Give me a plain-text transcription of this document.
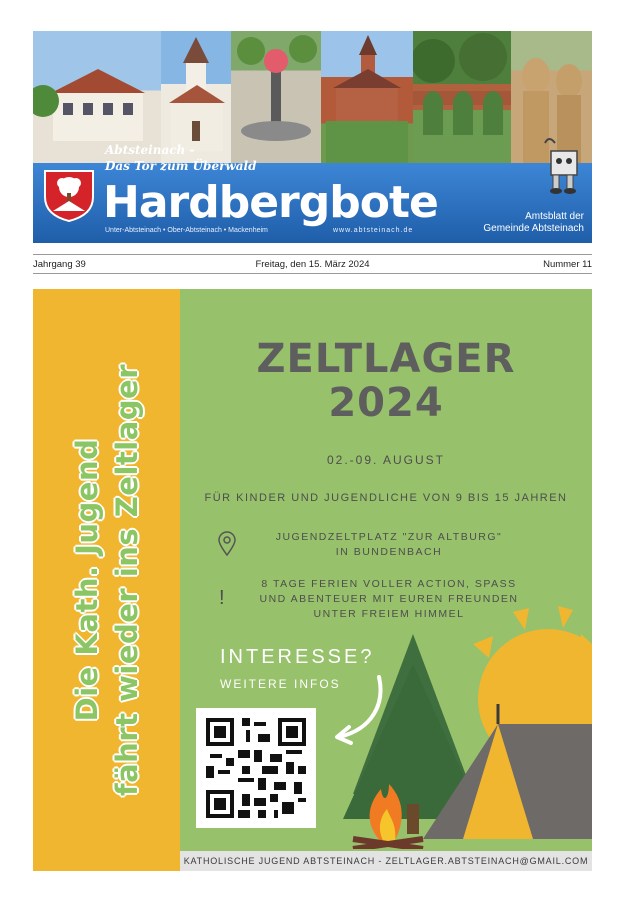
Abtsteinach -
Das Tor zum Überwald
Hardbergbote
Unter-Abtsteinach • Ober-Abtsteinach • Mackenheim	www.abtsteinach.de
Amtsblatt der
Gemeinde Abtsteinach
Jahrgang 39	Freitag, den 15. März 2024	Nummer 11
Die Kath. Jugend fährt wieder ins Zeltlager
ZELTLAGER
2024
02.-09. AUGUST
FÜR KINDER UND JUGENDLICHE VON 9 BIS 15 JAHREN
JUGENDZELTPLATZ "ZUR ALTBURG"
IN BUNDENBACH
!
8 TAGE FERIEN VOLLER ACTION, SPASS
UND ABENTEUER MIT EUREN FREUNDEN
UNTER FREIEM HIMMEL
INTERESSE?
WEITERE INFOS
KATHOLISCHE JUGEND ABTSTEINACH - ZELTLAGER.ABTSTEINACH@GMAIL.COM
